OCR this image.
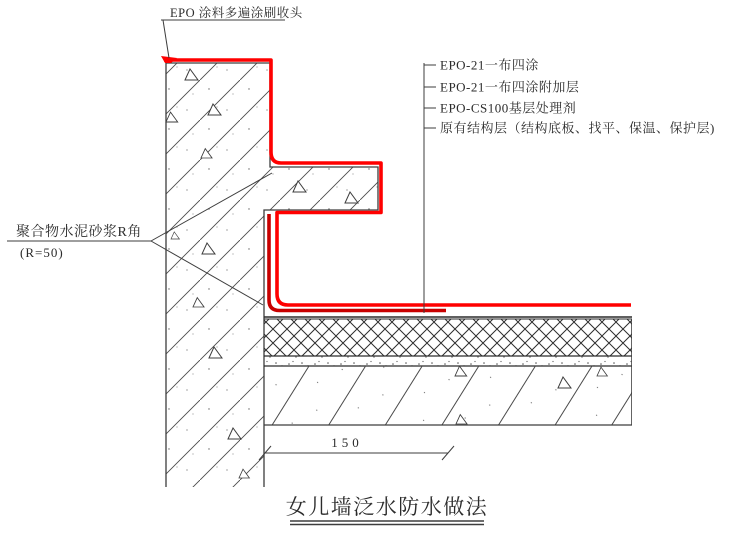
EPO 涂料多遍涂刷收头
EPO-21一布四涂
EPO-21一布四涂附加层
EPO-CS100基层处理剂
原有结构层（结构底板、找平、保温、保护层)
聚合物水泥砂浆R角
(R=50)
150
女儿墙泛水防水做法
